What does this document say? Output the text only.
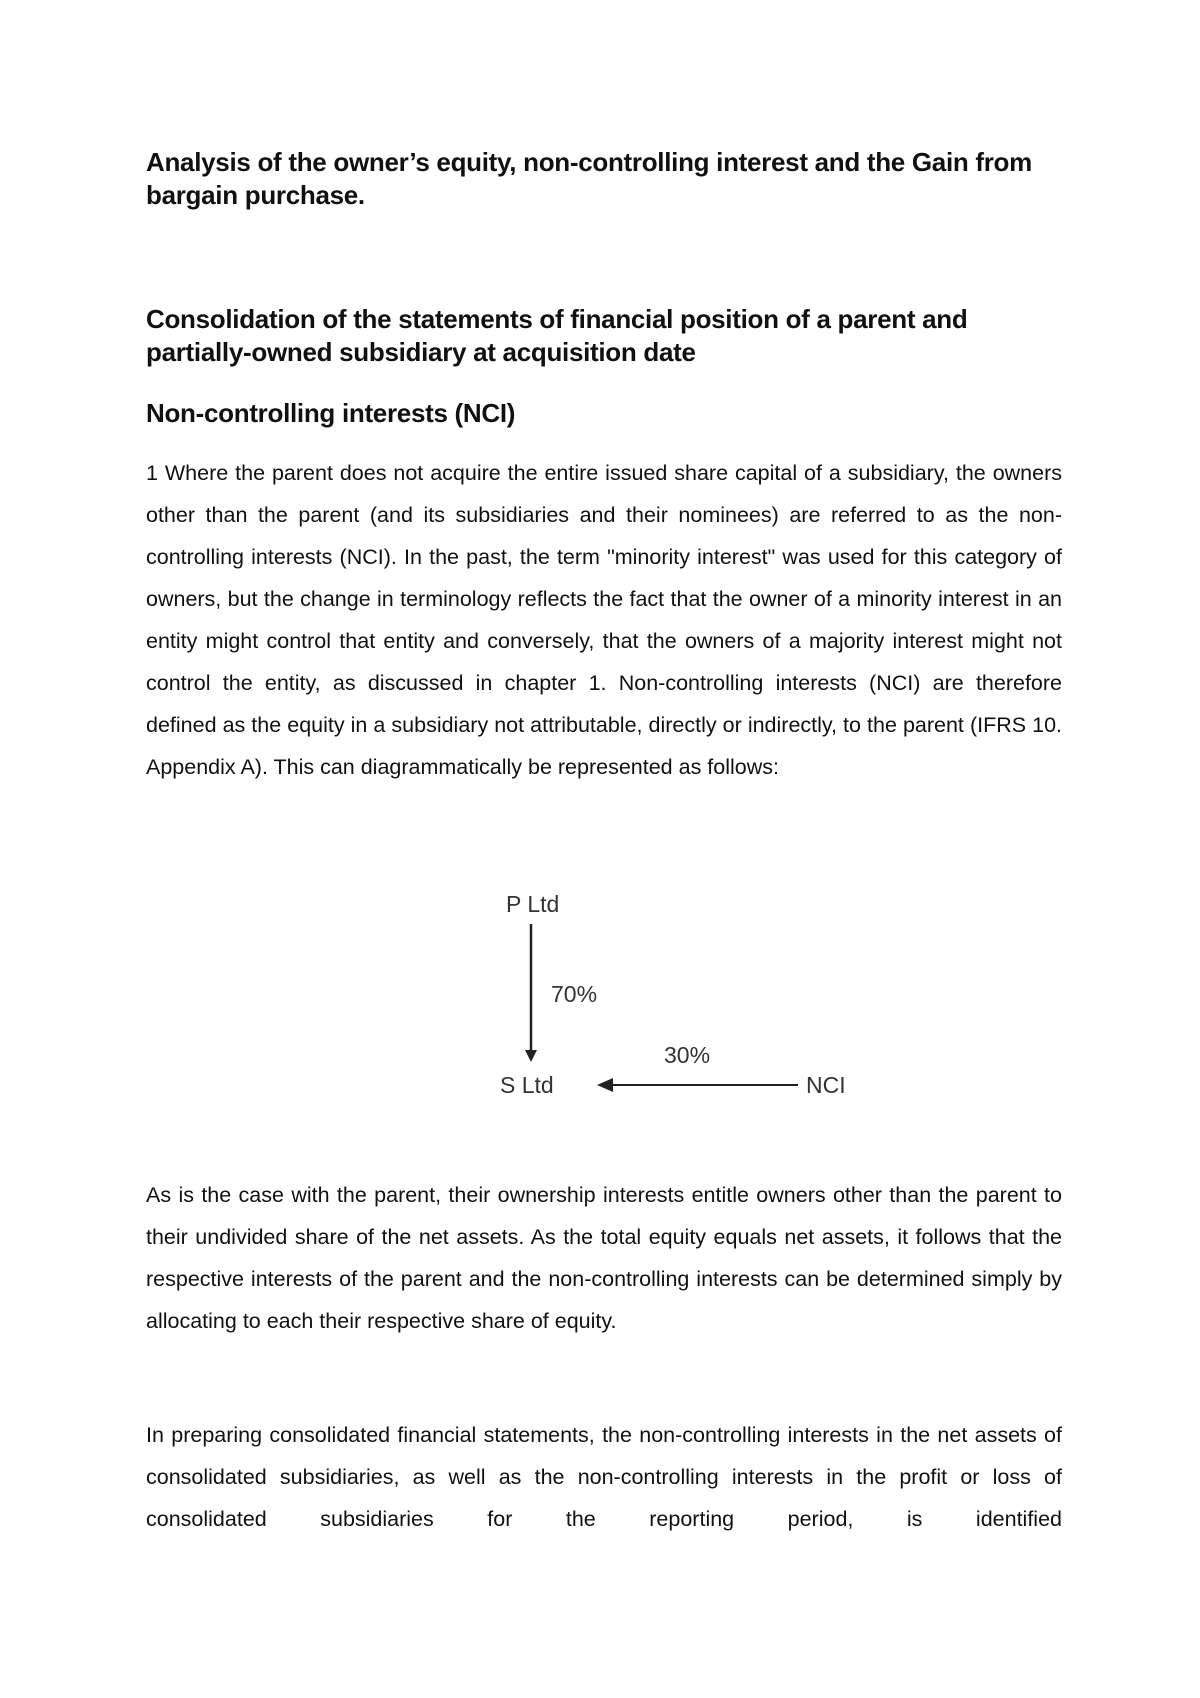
Analysis of the owner’s equity, non-controlling interest and the Gain from bargain purchase.
Consolidation of the statements of financial position of a parent and partially-owned subsidiary at acquisition date
Non-controlling interests (NCI)

1 Where the parent does not acquire the entire issued share capital of a subsidiary, the owners other than the parent (and its subsidiaries and their nominees) are referred to as the non-controlling interests (NCI). In the past, the term "minority interest" was used for this category of owners, but the change in terminology reflects the fact that the owner of a minority interest in an entity might control that entity and conversely, that the owners of a majority interest might not control the entity, as discussed in chapter 1. Non-controlling interests (NCI) are therefore defined as the equity in a subsidiary not attributable, directly or indirectly, to the parent (IFRS 10. Appendix A). This can diagrammatically be represented as follows:

P Ltd
70%
S Ltd
30%
NCI

As is the case with the parent, their ownership interests entitle owners other than the parent to their undivided share of the net assets. As the total equity equals net assets, it follows that the respective interests of the parent and the non-controlling interests can be determined simply by allocating to each their respective share of equity.

In preparing consolidated financial statements, the non-controlling interests in the net assets of consolidated subsidiaries, as well as the non-controlling interests in the profit or loss of consolidated subsidiaries for the reporting period, is identified
